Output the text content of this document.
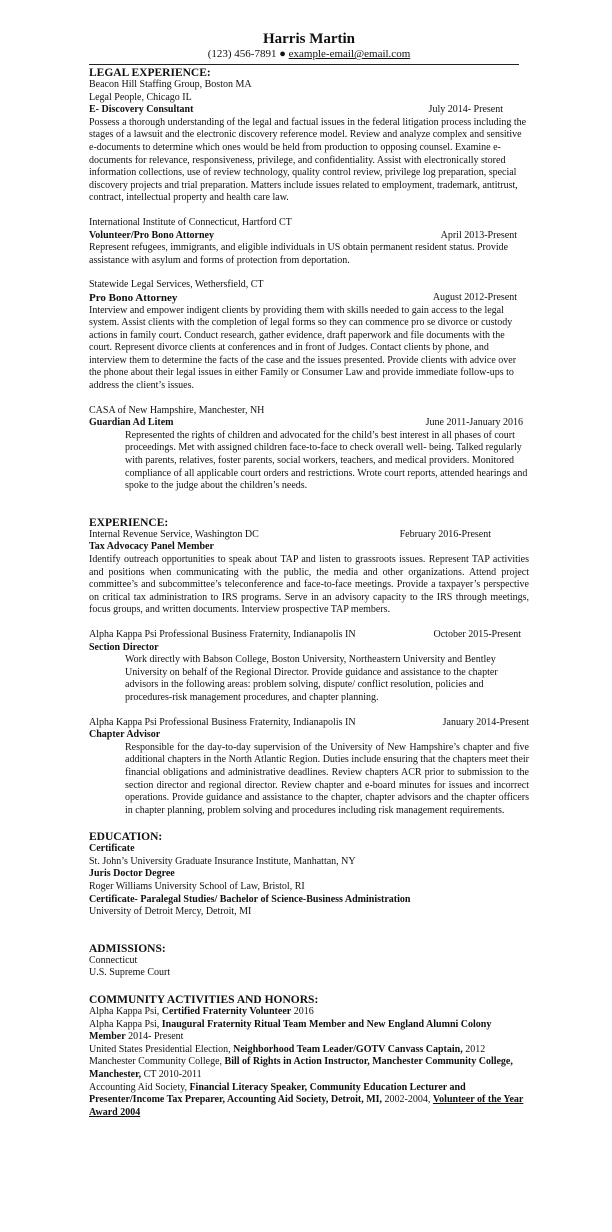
Harris Martin
(123) 456-7891 ● example-email@email.com
LEGAL EXPERIENCE:
Beacon Hill Staffing Group, Boston MA
Legal People, Chicago IL
E- Discovery Consultant	July 2014- Present
Possess a thorough understanding of the legal and factual issues in the federal litigation process including the stages of a lawsuit and the electronic discovery reference model. Review and analyze complex and sensitive e-documents to determine which ones would be held from production to opposing counsel. Examine e-documents for relevance, responsiveness, privilege, and confidentiality. Assist with electronically stored information collections, use of review technology, quality control review, privilege log preparation, special discovery projects and trial preparation. Matters include issues related to employment, trademark, antitrust, contract, intellectual property and health care law.
International Institute of Connecticut, Hartford CT
Volunteer/Pro Bono Attorney	April 2013-Present
Represent refugees, immigrants, and eligible individuals in US obtain permanent resident status. Provide assistance with asylum and forms of protection from deportation.
Statewide Legal Services, Wethersfield, CT
Pro Bono Attorney	August 2012-Present
Interview and empower indigent clients by providing them with skills needed to gain access to the legal system. Assist clients with the completion of legal forms so they can commence pro se divorce or custody actions in family court. Conduct research, gather evidence, draft paperwork and file documents with the court. Represent divorce clients at conferences and in front of Judges. Contact clients by phone, and interview them to determine the facts of the case and the issues presented. Provide clients with advice over the phone about their legal issues in either Family or Consumer Law and provide immediate follow-ups to address the client’s issues.
CASA of New Hampshire, Manchester, NH
Guardian Ad Litem	June 2011-January 2016
Represented the rights of children and advocated for the child’s best interest in all phases of court proceedings. Met with assigned children face-to-face to check overall well- being. Talked regularly with parents, relatives, foster parents, social workers, teachers, and medical providers. Monitored compliance of all applicable court orders and restrictions. Wrote court reports, attended hearings and spoke to the judge about the children’s needs.
EXPERIENCE:
Internal Revenue Service, Washington DC	February 2016-Present
Tax Advocacy Panel Member
Identify outreach opportunities to speak about TAP and listen to grassroots issues. Represent TAP activities and positions when communicating with the public, the media and other organizations. Attend project committee’s and subcommittee’s teleconference and face-to-face meetings. Provide a taxpayer’s perspective on critical tax administration to IRS programs. Serve in an advisory capacity to the IRS through meetings, focus groups, and written documents. Interview prospective TAP members.
Alpha Kappa Psi Professional Business Fraternity, Indianapolis IN	October 2015-Present
Section Director
Work directly with Babson College, Boston University, Northeastern University and Bentley University on behalf of the Regional Director. Provide guidance and assistance to the chapter advisors in the following areas: problem solving, dispute/ conflict resolution, policies and procedures-risk management procedures, and chapter planning.
Alpha Kappa Psi Professional Business Fraternity, Indianapolis IN	January 2014-Present
Chapter Advisor
Responsible for the day-to-day supervision of the University of New Hampshire’s chapter and five additional chapters in the North Atlantic Region. Duties include ensuring that the chapters meet their financial obligations and administrative deadlines. Review chapters ACR prior to submission to the section director and regional director. Review chapter and e-board minutes for issues and incorrect operations. Provide guidance and assistance to the chapter, chapter advisors and the chapter officers in chapter planning, problem solving and procedures including risk management requirements.
EDUCATION:
Certificate
St. John’s University Graduate Insurance Institute, Manhattan, NY
Juris Doctor Degree
Roger Williams University School of Law, Bristol, RI
Certificate- Paralegal Studies/ Bachelor of Science-Business Administration
University of Detroit Mercy, Detroit, MI
ADMISSIONS:
Connecticut
U.S. Supreme Court
COMMUNITY ACTIVITIES AND HONORS:
Alpha Kappa Psi, Certified Fraternity Volunteer 2016
Alpha Kappa Psi, Inaugural Fraternity Ritual Team Member and New England Alumni Colony Member 2014- Present
United States Presidential Election, Neighborhood Team Leader/GOTV Canvass Captain, 2012
Manchester Community College, Bill of Rights in Action Instructor, Manchester Community College, Manchester, CT 2010-2011
Accounting Aid Society, Financial Literacy Speaker, Community Education Lecturer and Presenter/Income Tax Preparer, Accounting Aid Society, Detroit, MI, 2002-2004, Volunteer of the Year Award 2004
